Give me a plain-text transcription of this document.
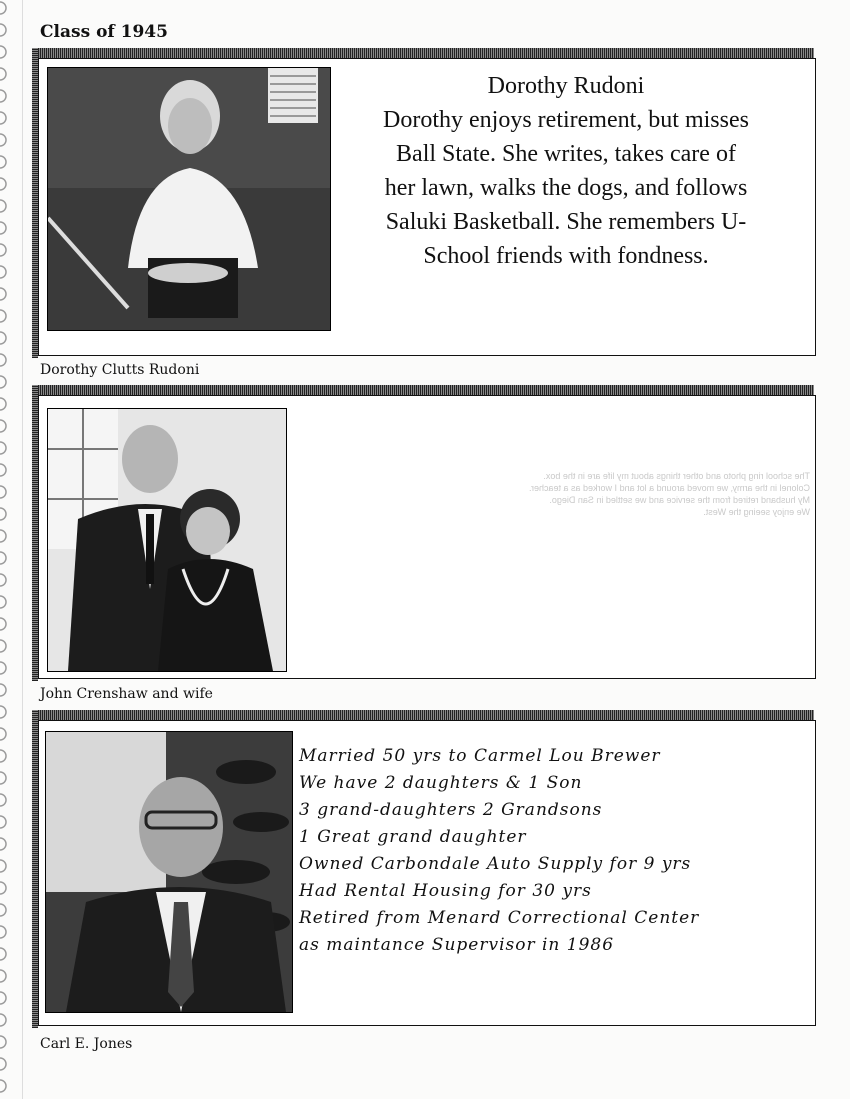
Class of 1945
Dorothy Rudoni
Dorothy enjoys retirement, but misses
Ball State. She writes, takes care of
her lawn, walks the dogs, and follows
Saluki Basketball. She remembers U-
School friends with fondness.
Dorothy Clutts Rudoni
The school ring photo and other things about my life are in the box.
Colonel in the army, we moved around a lot and I worked as a teacher.
My husband retired from the service and we settled in San Diego.
We enjoy seeing the West.
John Crenshaw and wife
Married 50 yrs to Carmel Lou Brewer
We have 2 daughters & 1 Son
3 grand-daughters 2 Grandsons
1 Great grand daughter
Owned Carbondale Auto Supply for 9 yrs
Had Rental Housing for 30 yrs
Retired from Menard Correctional Center
as maintance Supervisor in 1986
Carl E. Jones
